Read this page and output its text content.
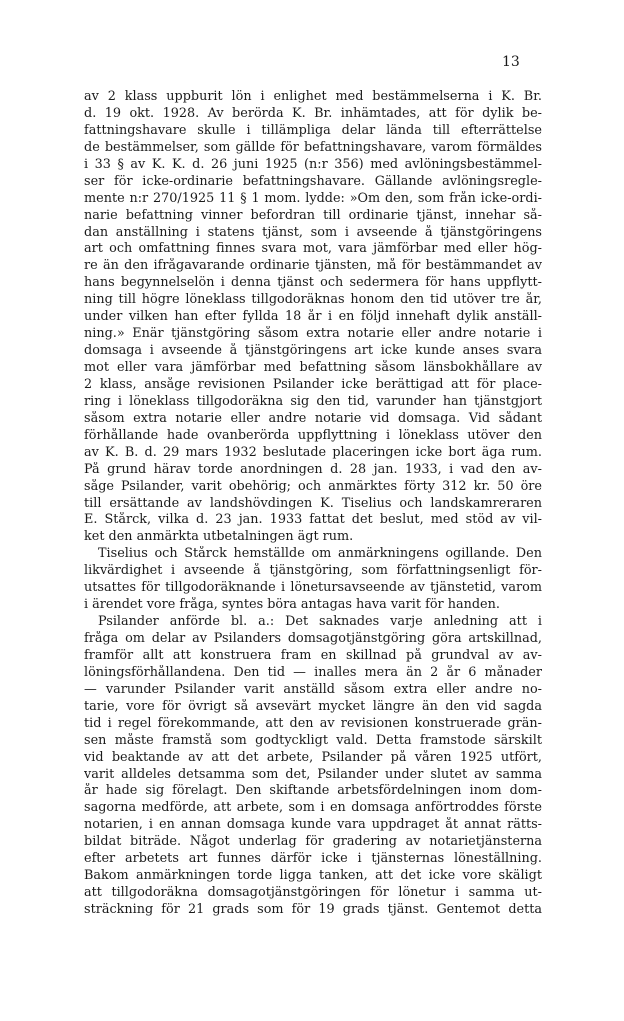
13
av 2 klass uppburit lön i enlighet med bestämmelserna i K. Br.
d. 19 okt. 1928. Av berörda K. Br. inhämtades, att för dylik be-
fattningshavare skulle i tillämpliga delar lända till efterrättelse
de bestämmelser, som gällde för befattningshavare, varom förmäldes
i 33 § av K. K. d. 26 juni 1925 (n:r 356) med avlöningsbestämmel-
ser för icke-ordinarie befattningshavare. Gällande avlöningsregle-
mente n:r 270/1925 11 § 1 mom. lydde: »Om den, som från icke-ordi-
narie befattning vinner befordran till ordinarie tjänst, innehar så-
dan anställning i statens tjänst, som i avseende å tjänstgöringens
art och omfattning finnes svara mot, vara jämförbar med eller hög-
re än den ifrågavarande ordinarie tjänsten, må för bestämmandet av
hans begynnelselön i denna tjänst och sedermera för hans uppflytt-
ning till högre löneklass tillgodoräknas honom den tid utöver tre år,
under vilken han efter fyllda 18 år i en följd innehaft dylik anställ-
ning.» Enär tjänstgöring såsom extra notarie eller andre notarie i
domsaga i avseende å tjänstgöringens art icke kunde anses svara
mot eller vara jämförbar med befattning såsom länsbokhållare av
2 klass, ansåge revisionen Psilander icke berättigad att för place-
ring i löneklass tillgodoräkna sig den tid, varunder han tjänstgjort
såsom extra notarie eller andre notarie vid domsaga. Vid sådant
förhållande hade ovanberörda uppflyttning i löneklass utöver den
av K. B. d. 29 mars 1932 beslutade placeringen icke bort äga rum.
På grund härav torde anordningen d. 28 jan. 1933, i vad den av-
såge Psilander, varit obehörig; och anmärktes förty 312 kr. 50 öre
till ersättande av landshövdingen K. Tiselius och landskamreraren
E. Stårck, vilka d. 23 jan. 1933 fattat det beslut, med stöd av vil-
ket den anmärkta utbetalningen ägt rum.
Tiselius och Stårck hemställde om anmärkningens ogillande. Den
likvärdighet i avseende å tjänstgöring, som författningsenligt för-
utsattes för tillgodoräknande i lönetursavseende av tjänstetid, varom
i ärendet vore fråga, syntes böra antagas hava varit för handen.
Psilander anförde bl. a.: Det saknades varje anledning att i
fråga om delar av Psilanders domsagotjänstgöring göra artskillnad,
framför allt att konstruera fram en skillnad på grundval av av-
löningsförhållandena. Den tid — inalles mera än 2 år 6 månader
— varunder Psilander varit anställd såsom extra eller andre no-
tarie, vore för övrigt så avsevärt mycket längre än den vid sagda
tid i regel förekommande, att den av revisionen konstruerade grän-
sen måste framstå som godtyckligt vald. Detta framstode särskilt
vid beaktande av att det arbete, Psilander på våren 1925 utfört,
varit alldeles detsamma som det, Psilander under slutet av samma
år hade sig förelagt. Den skiftande arbetsfördelningen inom dom-
sagorna medförde, att arbete, som i en domsaga anförtroddes förste
notarien, i en annan domsaga kunde vara uppdraget åt annat rätts-
bildat biträde. Något underlag för gradering av notarietjänsterna
efter arbetets art funnes därför icke i tjänsternas löneställning.
Bakom anmärkningen torde ligga tanken, att det icke vore skäligt
att tillgodoräkna domsagotjänstgöringen för lönetur i samma ut-
sträckning för 21 grads som för 19 grads tjänst. Gentemot detta
